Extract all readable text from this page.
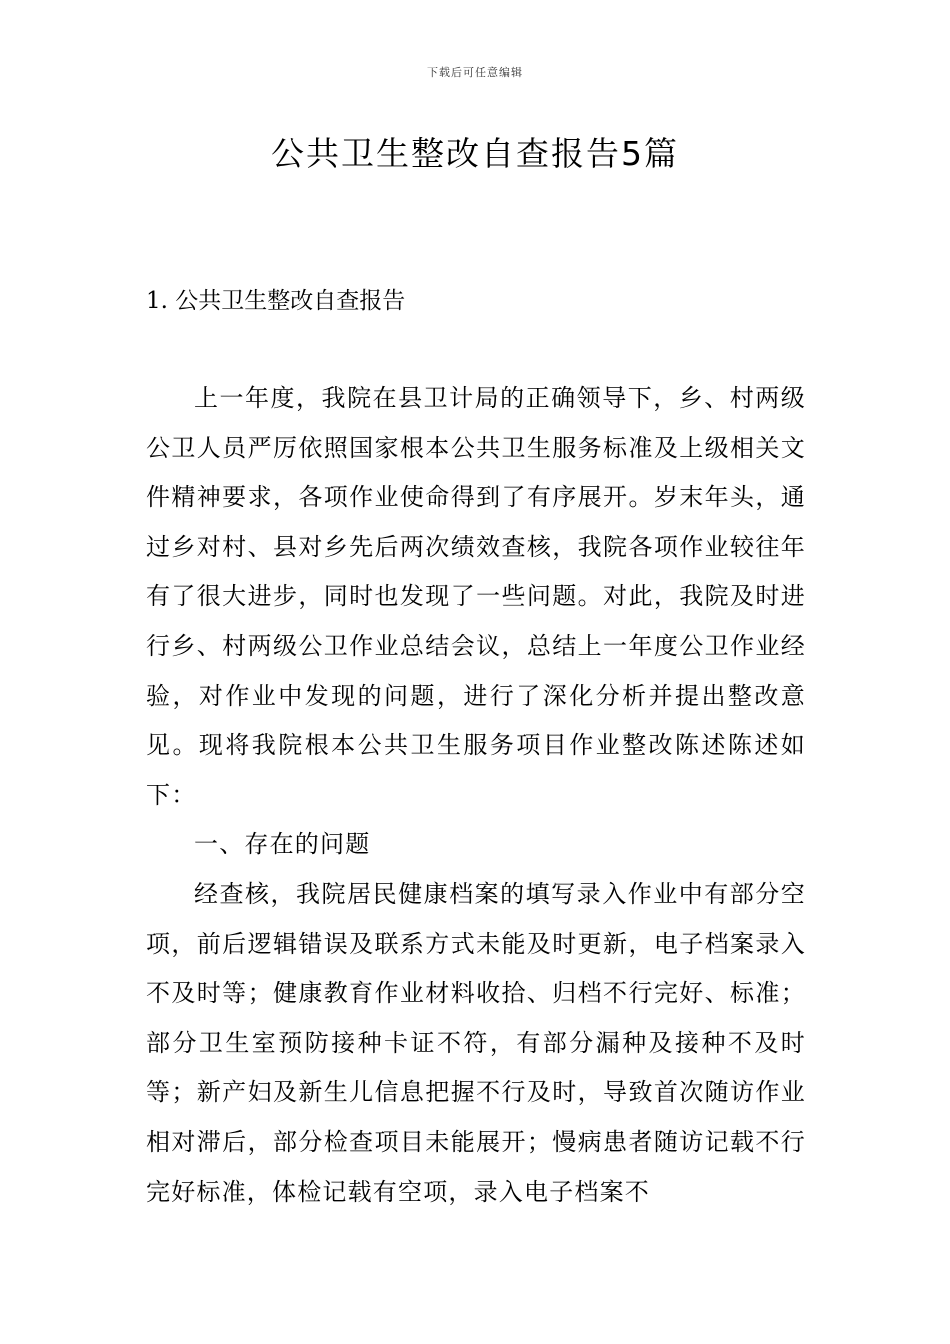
下载后可任意编辑
公共卫生整改自查报告5篇
1. 公共卫生整改自查报告

上一年度，我院在县卫计局的正确领导下，乡、村两级公卫人员严厉依照国家根本公共卫生服务标准及上级相关文件精神要求，各项作业使命得到了有序展开。岁末年头，通过乡对村、县对乡先后两次绩效查核，我院各项作业较往年有了很大进步，同时也发现了一些问题。对此，我院及时进行乡、村两级公卫作业总结会议，总结上一年度公卫作业经验，对作业中发现的问题，进行了深化分析并提出整改意见。现将我院根本公共卫生服务项目作业整改陈述陈述如下：

一、存在的问题

经查核，我院居民健康档案的填写录入作业中有部分空项，前后逻辑错误及联系方式未能及时更新，电子档案录入不及时等；健康教育作业材料收拾、归档不行完好、标准；部分卫生室预防接种卡证不符，有部分漏种及接种不及时等；新产妇及新生儿信息把握不行及时，导致首次随访作业相对滞后，部分检查项目未能展开；慢病患者随访记载不行完好标准，体检记载有空项，录入电子档案不
